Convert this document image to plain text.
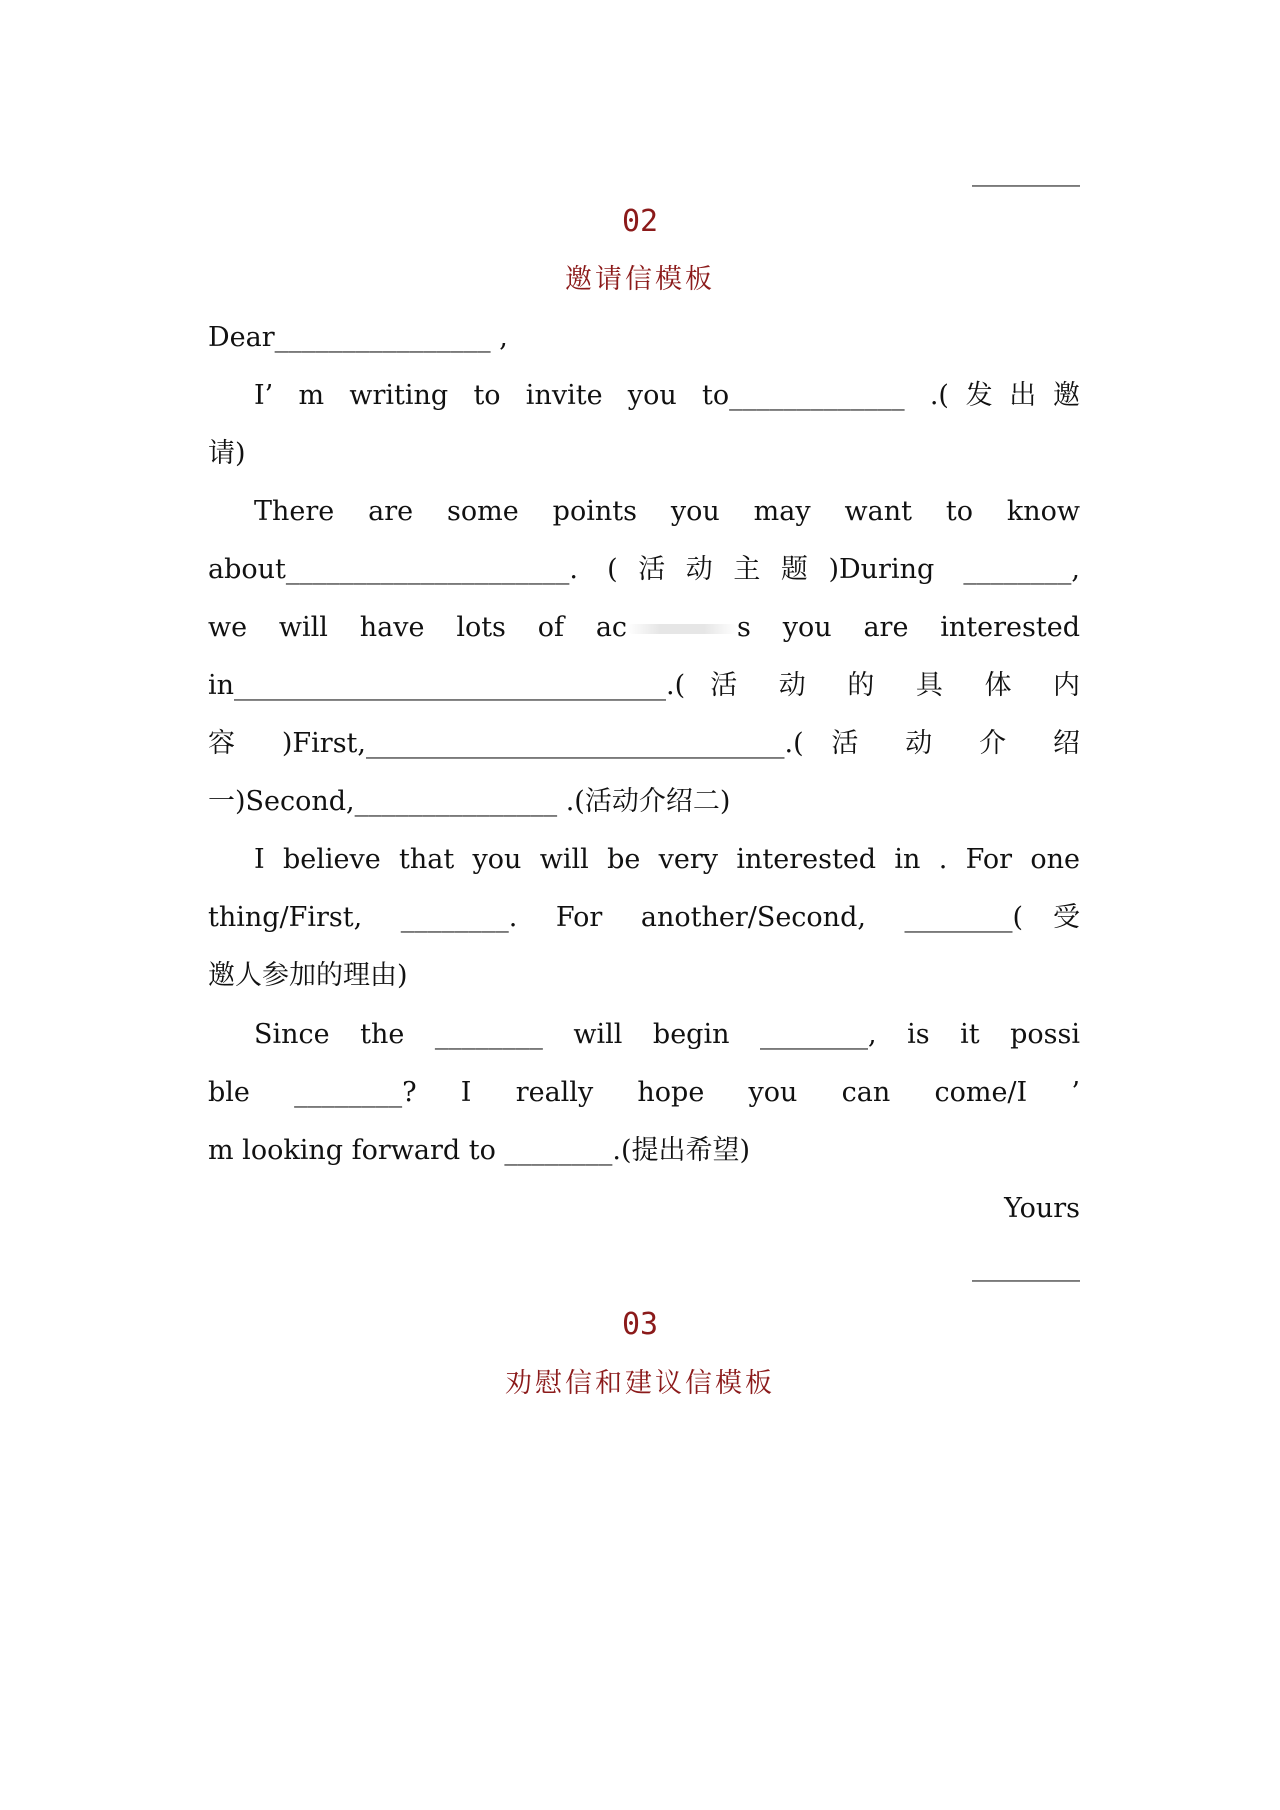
________
02
邀请信模板
Dear________________ ,
I’ m writing to invite you to_____________ .(发出邀
请)
There are some points you may want to know
about_____________________. (活动主题)During ________,
we will have lots of ac	s you are interested
in________________________________.( 活 动 的 具 体 内
容 )First,_______________________________.( 活 动 介 绍
一)Second,_______________ .(活动介绍二)
I believe that you will be very interested in . For one
thing/First, ________. For another/Second, ________(受
邀人参加的理由)
Since the ________ will begin ________, is it possi
ble ________? I really hope you can come/I ’
m looking forward to ________.(提出希望)
Yours
________
03
劝慰信和建议信模板
